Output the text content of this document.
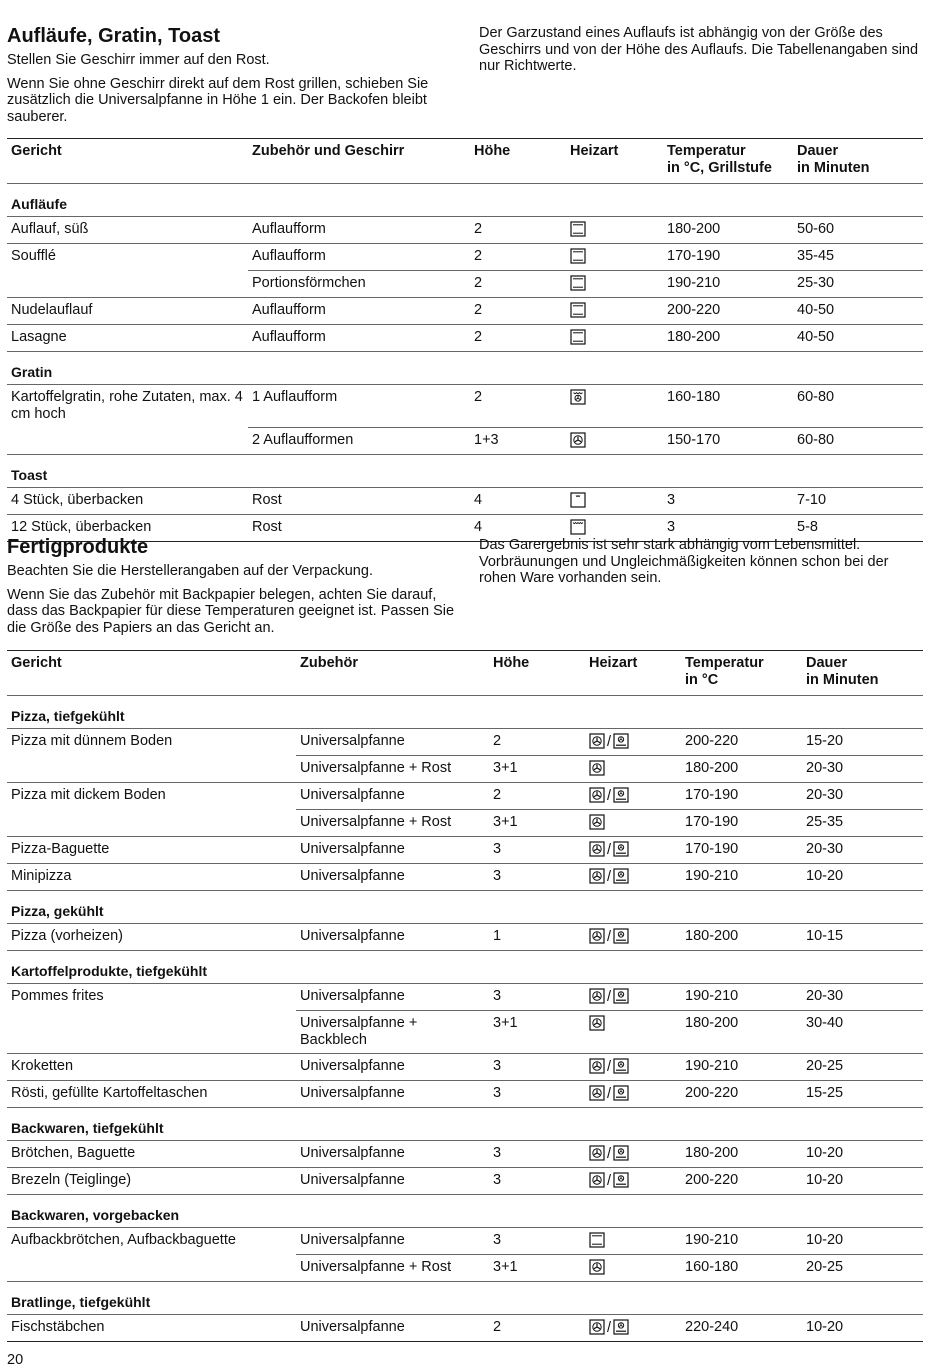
Aufläufe, Gratin, Toast

Stellen Sie Geschirr immer auf den Rost.

Wenn Sie ohne Geschirr direkt auf dem Rost grillen, schieben Sie zusätzlich die Universalpfanne in Höhe 1 ein. Der Backofen bleibt sauberer.

Der Garzustand eines Auflaufs ist abhängig von der Größe des Geschirrs und von der Höhe des Auflaufs. Die Tabellenangaben sind nur Richtwerte.

Gericht	Zubehör und Geschirr	Höhe	Heizart	Temperatur
in °C, Grillstufe	Dauer
in Minuten
Aufläufe					
Auflauf, süß	Auflaufform	2		180-200	50-60
Soufflé	Auflaufform	2		170-190	35-45
	Portionsförmchen	2		190-210	25-30
Nudelauflauf	Auflaufform	2		200-220	40-50
Lasagne	Auflaufform	2		180-200	40-50
Gratin					
Kartoffelgratin, rohe Zutaten, max. 4 cm hoch	1 Auflaufform	2		160-180	60-80
	2 Auflaufformen	1+3		150-170	60-80
Toast					
4 Stück, überbacken	Rost	4		3	7-10
12 Stück, überbacken	Rost	4		3	5-8
Fertigprodukte

Beachten Sie die Herstellerangaben auf der Verpackung.

Wenn Sie das Zubehör mit Backpapier belegen, achten Sie darauf, dass das Backpapier für diese Temperaturen geeignet ist. Passen Sie die Größe des Papiers an das Gericht an.

Das Garergebnis ist sehr stark abhängig vom Lebensmittel. Vorbräunungen und Ungleichmäßigkeiten können schon bei der rohen Ware vorhanden sein.

Gericht	Zubehör	Höhe	Heizart	Temperatur
in °C	Dauer
in Minuten
Pizza, tiefgekühlt					
Pizza mit dünnem Boden	Universalpfanne	2	/	200-220	15-20
	Universalpfanne + Rost	3+1		180-200	20-30
Pizza mit dickem Boden	Universalpfanne	2	/	170-190	20-30
	Universalpfanne + Rost	3+1		170-190	25-35
Pizza-Baguette	Universalpfanne	3	/	170-190	20-30
Minipizza	Universalpfanne	3	/	190-210	10-20
Pizza, gekühlt					
Pizza (vorheizen)	Universalpfanne	1	/	180-200	10-15
Kartoffelprodukte, tiefgekühlt					
Pommes frites	Universalpfanne	3	/	190-210	20-30
	Universalpfanne + Backblech	3+1		180-200	30-40
Kroketten	Universalpfanne	3	/	190-210	20-25
Rösti, gefüllte Kartoffeltaschen	Universalpfanne	3	/	200-220	15-25
Backwaren, tiefgekühlt					
Brötchen, Baguette	Universalpfanne	3	/	180-200	10-20
Brezeln (Teiglinge)	Universalpfanne	3	/	200-220	10-20
Backwaren, vorgebacken					
Aufbackbrötchen, Aufbackbaguette	Universalpfanne	3		190-210	10-20
	Universalpfanne + Rost	3+1		160-180	20-25
Bratlinge, tiefgekühlt					
Fischstäbchen	Universalpfanne	2	/	220-240	10-20
20
